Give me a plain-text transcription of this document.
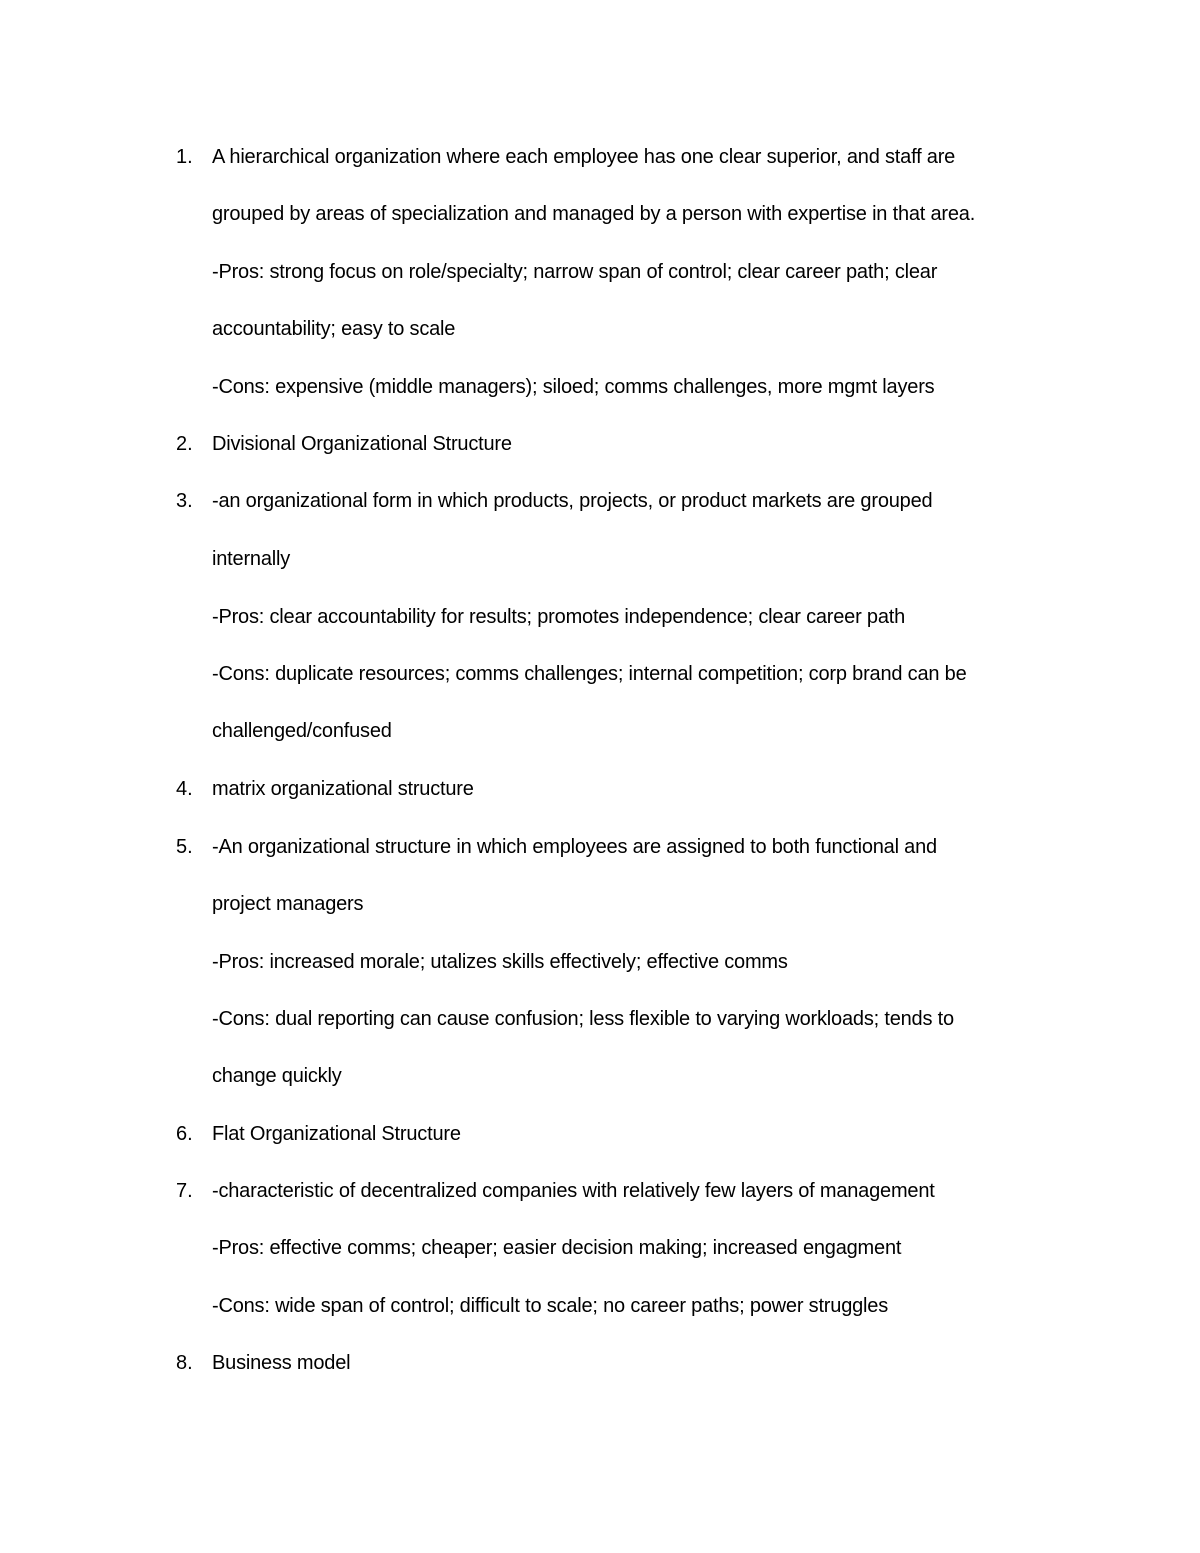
1. A hierarchical organization where each employee has one clear superior, and staff are
grouped by areas of specialization and managed by a person with expertise in that area.
-Pros: strong focus on role/specialty; narrow span of control; clear career path; clear
accountability; easy to scale
-Cons: expensive (middle managers); siloed; comms challenges, more mgmt layers
2. Divisional Organizational Structure
3. -an organizational form in which products, projects, or product markets are grouped
internally
-Pros: clear accountability for results; promotes independence; clear career path
-Cons: duplicate resources; comms challenges; internal competition; corp brand can be
challenged/confused
4. matrix organizational structure
5. -An organizational structure in which employees are assigned to both functional and
project managers
-Pros: increased morale; utalizes skills effectively; effective comms
-Cons: dual reporting can cause confusion; less flexible to varying workloads; tends to
change quickly
6. Flat Organizational Structure
7. -characteristic of decentralized companies with relatively few layers of management
-Pros: effective comms; cheaper; easier decision making; increased engagment
-Cons: wide span of control; difficult to scale; no career paths; power struggles
8. Business model
